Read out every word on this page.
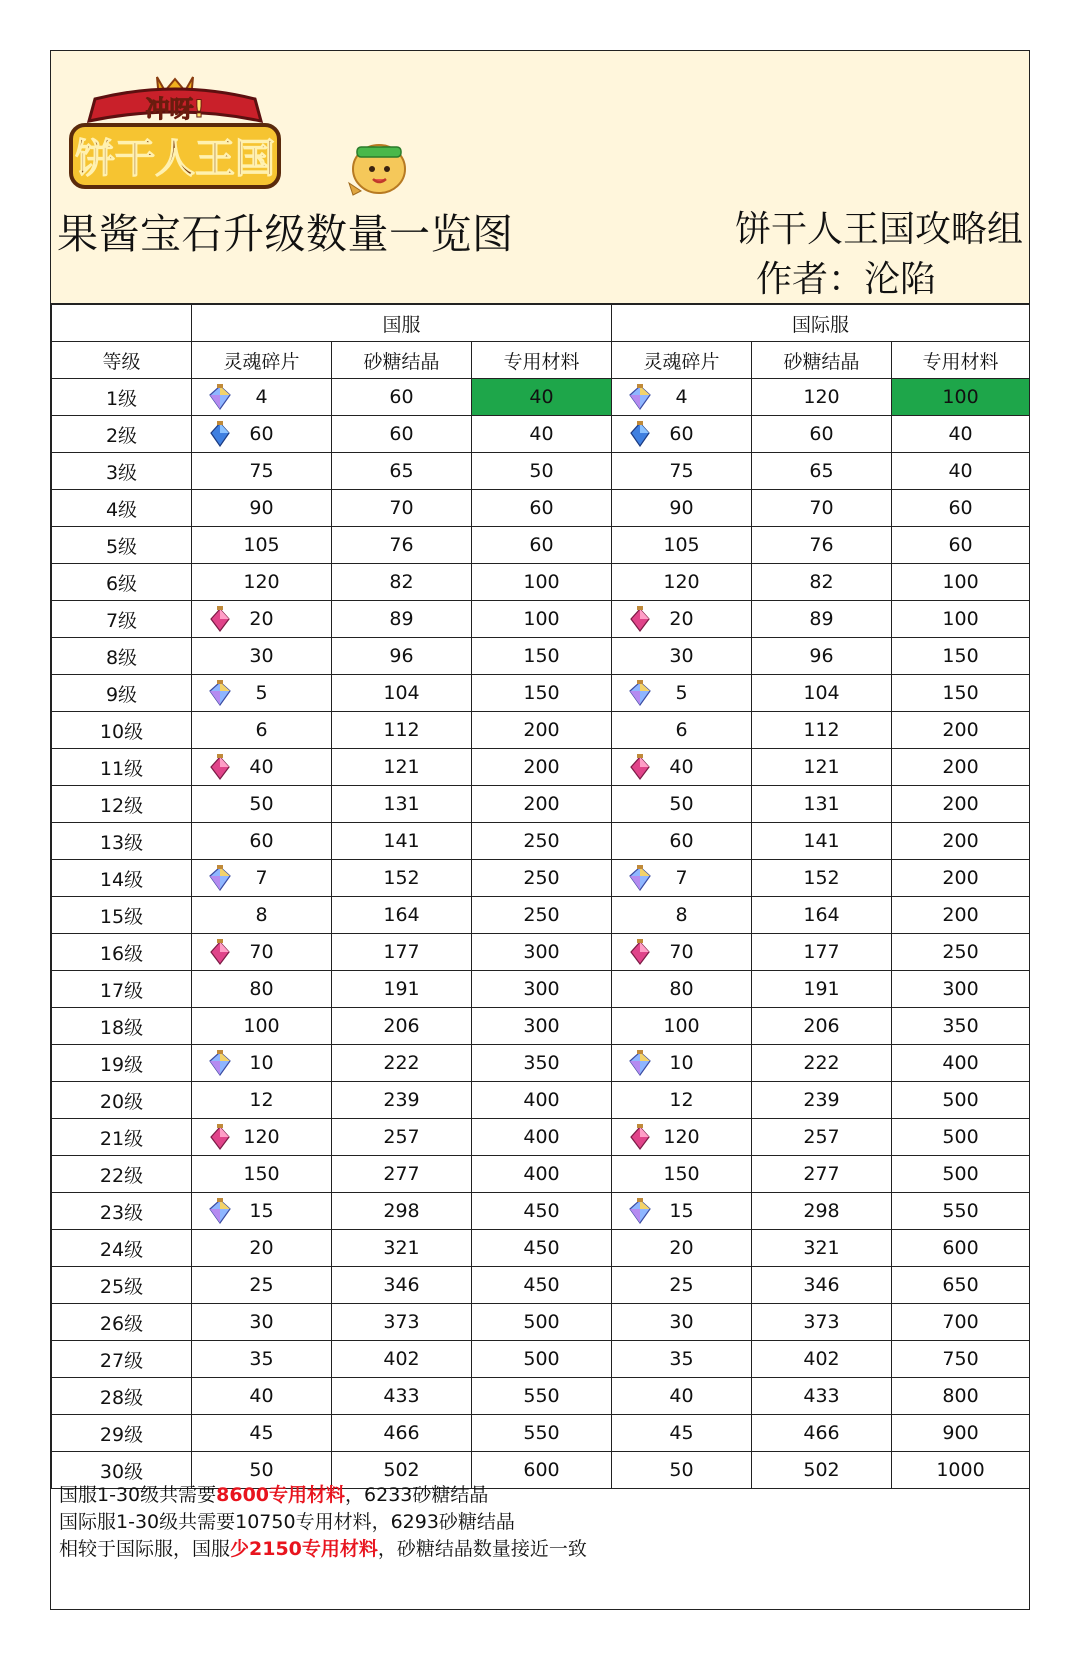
冲呀!
饼干人王国
果酱宝石升级数量一览图	饼干人王国攻略组
作者：沦陷
	国服			国际服		
等级	灵魂碎片	砂糖结晶	专用材料	灵魂碎片	砂糖结晶	专用材料
1级	4	60	40	4	120	100
2级	60	60	40	60	60	40
3级	75	65	50	75	65	40
4级	90	70	60	90	70	60
5级	105	76	60	105	76	60
6级	120	82	100	120	82	100
7级	20	89	100	20	89	100
8级	30	96	150	30	96	150
9级	5	104	150	5	104	150
10级	6	112	200	6	112	200
11级	40	121	200	40	121	200
12级	50	131	200	50	131	200
13级	60	141	250	60	141	200
14级	7	152	250	7	152	200
15级	8	164	250	8	164	200
16级	70	177	300	70	177	250
17级	80	191	300	80	191	300
18级	100	206	300	100	206	350
19级	10	222	350	10	222	400
20级	12	239	400	12	239	500
21级	120	257	400	120	257	500
22级	150	277	400	150	277	500
23级	15	298	450	15	298	550
24级	20	321	450	20	321	600
25级	25	346	450	25	346	650
26级	30	373	500	30	373	700
27级	35	402	500	35	402	750
28级	40	433	550	40	433	800
29级	45	466	550	45	466	900
30级	50	502	600	50	502	1000
国服1-30级共需要8600专用材料，6233砂糖结晶
国际服1-30级共需要10750专用材料，6293砂糖结晶
相较于国际服，国服少2150专用材料，砂糖结晶数量接近一致
